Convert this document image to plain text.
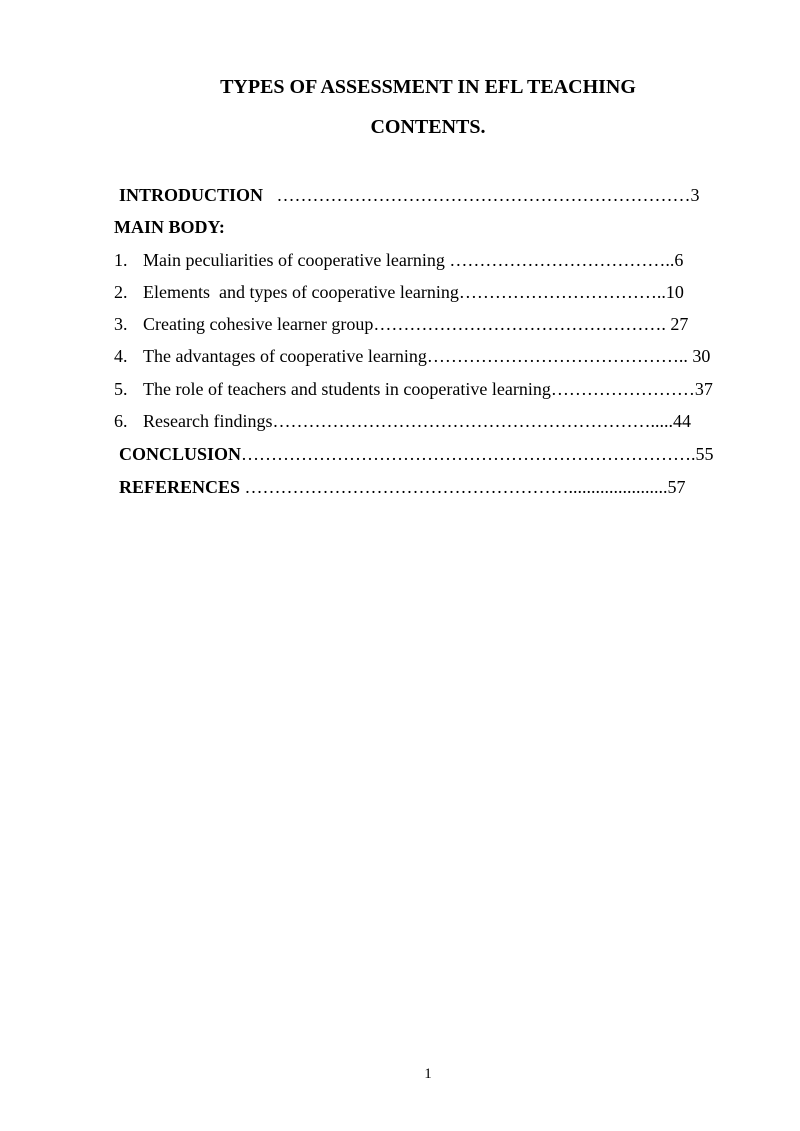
TYPES OF ASSESSMENT IN EFL TEACHING
CONTENTS.
INTRODUCTION   ……………………………………………………………3
MAIN BODY:
1. Main peculiarities of cooperative learning ………………………………..6
2. Elements  and types of cooperative learning……………………………..10
3. Creating cohesive learner group…………………………………………. 27
4. The advantages of cooperative learning…………………………………….. 30
5. The role of teachers and students in cooperative learning……………………37
6. Research findings……………………………………………………….....44
CONCLUSION………………………………………………………………….55
REFERENCES ………………………………………………......................57
1
